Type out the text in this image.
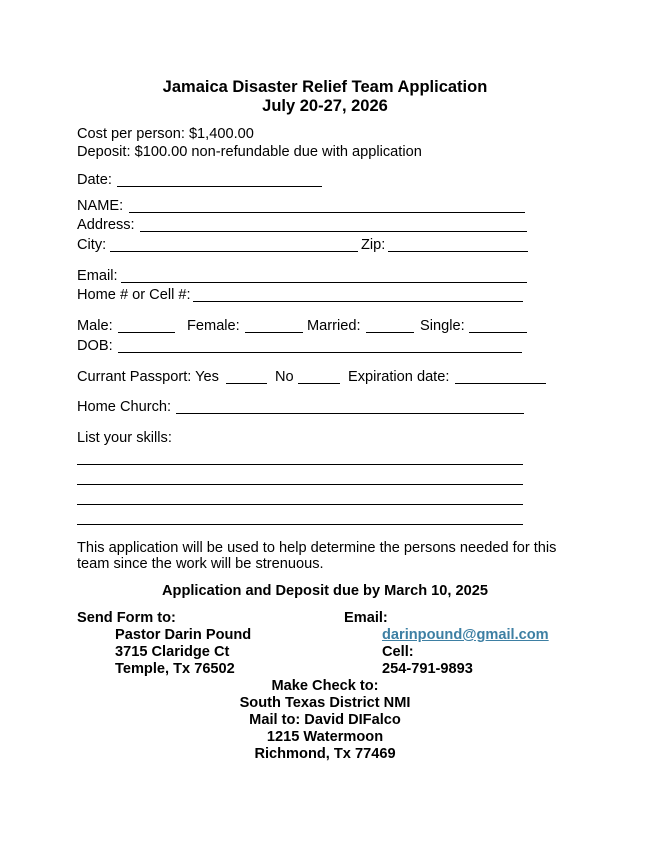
Jamaica Disaster Relief Team Application
July 20-27, 2026
Cost per person: $1,400.00
Deposit: $100.00 non-refundable due with application
Date:
NAME:
Address:
City:	Zip:
Email:
Home # or Cell #:
Male:	Female:	Married:	Single:
DOB:
Currant Passport: Yes	No	Expiration date:
Home Church:
List your skills:
This application will be used to help determine the persons needed for this
team since the work will be strenuous.
Application and Deposit due by March 10, 2025
Send Form to:
Pastor Darin Pound
3715 Claridge Ct
Temple, Tx 76502
Email:
darinpound@gmail.com
Cell:
254-791-9893
Make Check to:
South Texas District NMI
Mail to: David DIFalco
1215 Watermoon
Richmond, Tx 77469
